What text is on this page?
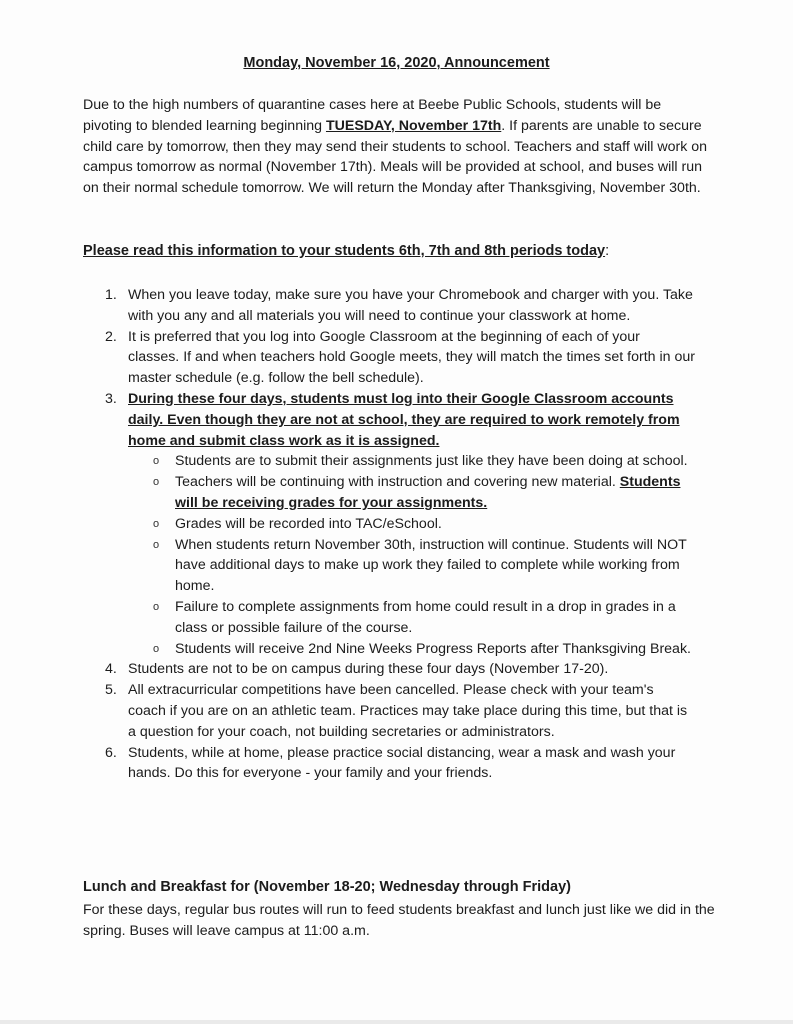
Monday, November 16, 2020, Announcement
Due to the high numbers of quarantine cases here at Beebe Public Schools, students will be pivoting to blended learning beginning TUESDAY, November 17th. If parents are unable to secure child care by tomorrow, then they may send their students to school. Teachers and staff will work on campus tomorrow as normal (November 17th). Meals will be provided at school, and buses will run on their normal schedule tomorrow. We will return the Monday after Thanksgiving, November 30th.
Please read this information to your students 6th, 7th and 8th periods today:
1. When you leave today, make sure you have your Chromebook and charger with you. Take with you any and all materials you will need to continue your classwork at home.
2. It is preferred that you log into Google Classroom at the beginning of each of your classes. If and when teachers hold Google meets, they will match the times set forth in our master schedule (e.g. follow the bell schedule).
3. During these four days, students must log into their Google Classroom accounts daily. Even though they are not at school, they are required to work remotely from home and submit class work as it is assigned.
o Students are to submit their assignments just like they have been doing at school.
o Teachers will be continuing with instruction and covering new material. Students will be receiving grades for your assignments.
o Grades will be recorded into TAC/eSchool.
o When students return November 30th, instruction will continue. Students will NOT have additional days to make up work they failed to complete while working from home.
o Failure to complete assignments from home could result in a drop in grades in a class or possible failure of the course.
o Students will receive 2nd Nine Weeks Progress Reports after Thanksgiving Break.
4. Students are not to be on campus during these four days (November 17-20).
5. All extracurricular competitions have been cancelled. Please check with your team's coach if you are on an athletic team. Practices may take place during this time, but that is a question for your coach, not building secretaries or administrators.
6. Students, while at home, please practice social distancing, wear a mask and wash your hands. Do this for everyone - your family and your friends.
Lunch and Breakfast for (November 18-20; Wednesday through Friday)
For these days, regular bus routes will run to feed students breakfast and lunch just like we did in the spring. Buses will leave campus at 11:00 a.m.
